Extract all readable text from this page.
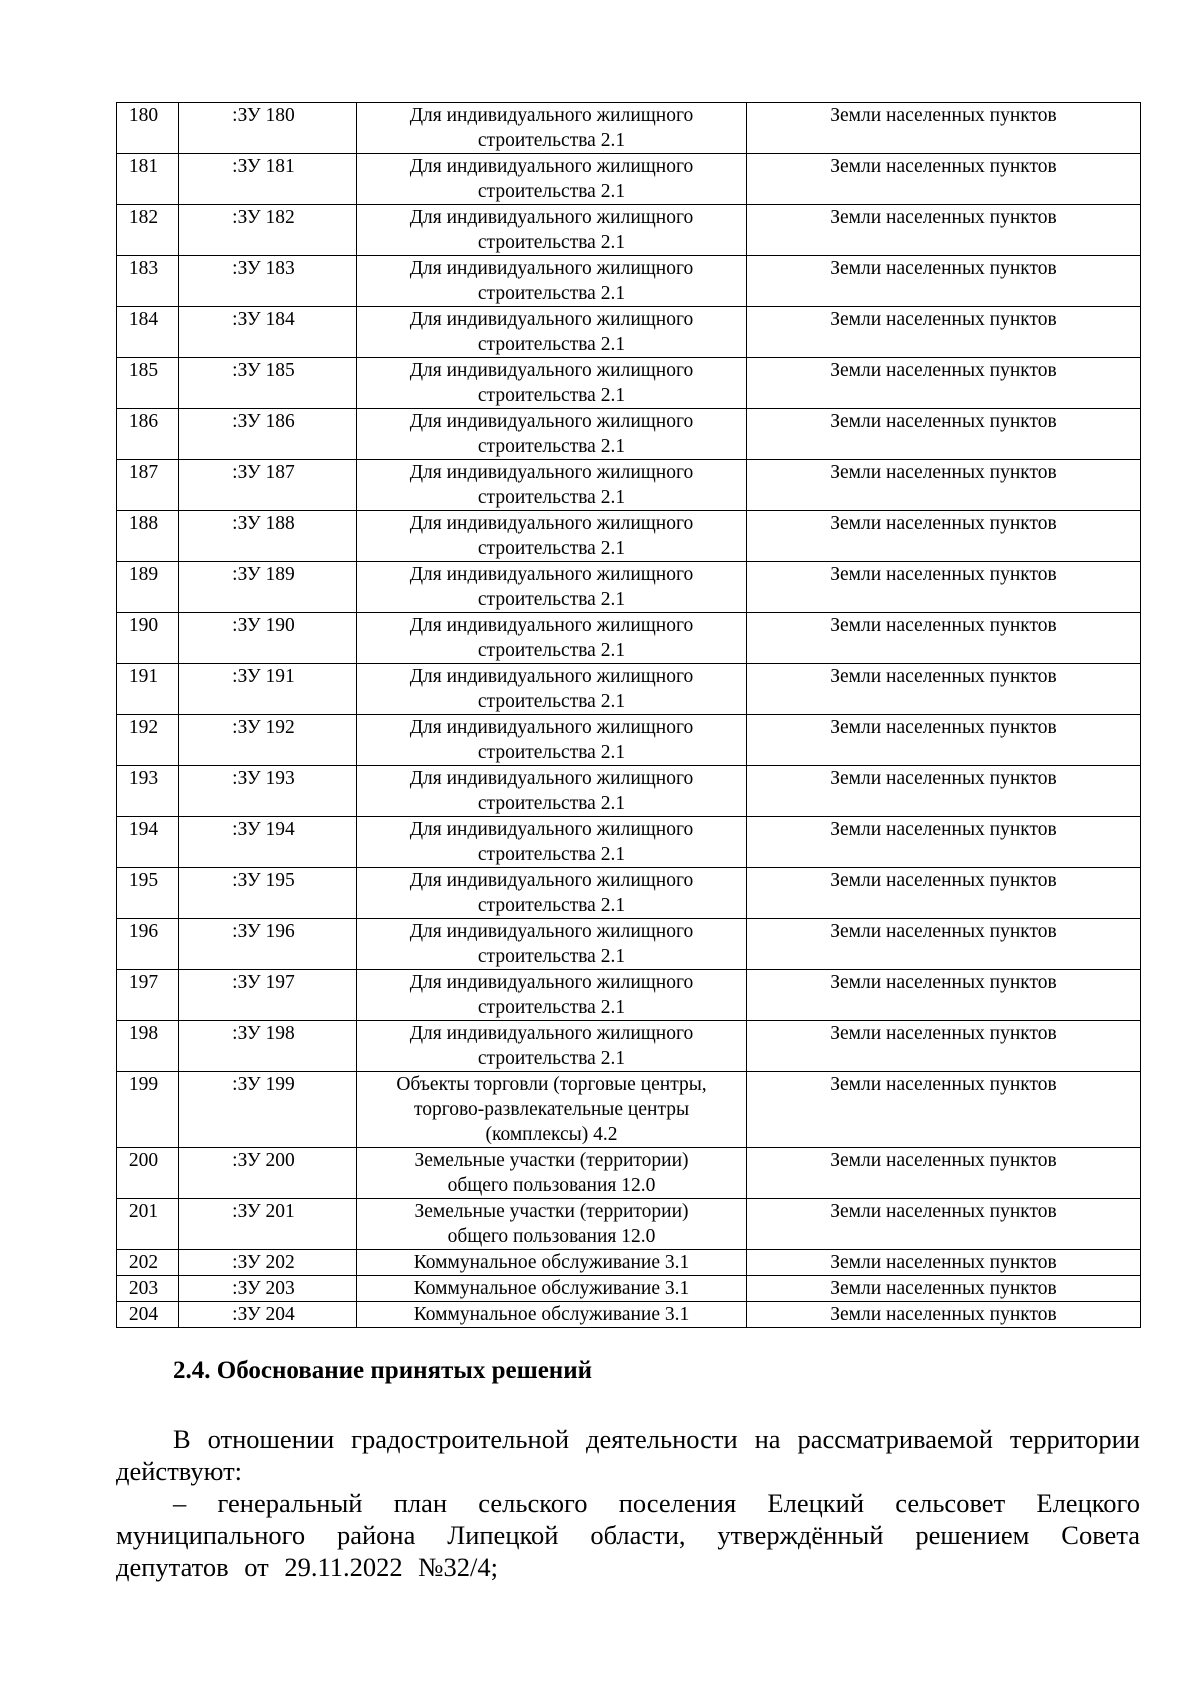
180	:ЗУ 180	Для индивидуального жилищного
строительства 2.1	Земли населенных пунктов
181	:ЗУ 181	Для индивидуального жилищного
строительства 2.1	Земли населенных пунктов
182	:ЗУ 182	Для индивидуального жилищного
строительства 2.1	Земли населенных пунктов
183	:ЗУ 183	Для индивидуального жилищного
строительства 2.1	Земли населенных пунктов
184	:ЗУ 184	Для индивидуального жилищного
строительства 2.1	Земли населенных пунктов
185	:ЗУ 185	Для индивидуального жилищного
строительства 2.1	Земли населенных пунктов
186	:ЗУ 186	Для индивидуального жилищного
строительства 2.1	Земли населенных пунктов
187	:ЗУ 187	Для индивидуального жилищного
строительства 2.1	Земли населенных пунктов
188	:ЗУ 188	Для индивидуального жилищного
строительства 2.1	Земли населенных пунктов
189	:ЗУ 189	Для индивидуального жилищного
строительства 2.1	Земли населенных пунктов
190	:ЗУ 190	Для индивидуального жилищного
строительства 2.1	Земли населенных пунктов
191	:ЗУ 191	Для индивидуального жилищного
строительства 2.1	Земли населенных пунктов
192	:ЗУ 192	Для индивидуального жилищного
строительства 2.1	Земли населенных пунктов
193	:ЗУ 193	Для индивидуального жилищного
строительства 2.1	Земли населенных пунктов
194	:ЗУ 194	Для индивидуального жилищного
строительства 2.1	Земли населенных пунктов
195	:ЗУ 195	Для индивидуального жилищного
строительства 2.1	Земли населенных пунктов
196	:ЗУ 196	Для индивидуального жилищного
строительства 2.1	Земли населенных пунктов
197	:ЗУ 197	Для индивидуального жилищного
строительства 2.1	Земли населенных пунктов
198	:ЗУ 198	Для индивидуального жилищного
строительства 2.1	Земли населенных пунктов
199	:ЗУ 199	Объекты торговли (торговые центры,
торгово-развлекательные центры
(комплексы) 4.2	Земли населенных пунктов
200	:ЗУ 200	Земельные участки (территории)
общего пользования 12.0	Земли населенных пунктов
201	:ЗУ 201	Земельные участки (территории)
общего пользования 12.0	Земли населенных пунктов
202	:ЗУ 202	Коммунальное обслуживание 3.1	Земли населенных пунктов
203	:ЗУ 203	Коммунальное обслуживание 3.1	Земли населенных пунктов
204	:ЗУ 204	Коммунальное обслуживание 3.1	Земли населенных пунктов
2.4. Обоснование принятых решений

В отношении градостроительной деятельности на рассматриваемой территории действуют:

– генеральный план сельского поселения Елецкий сельсовет Елецкого муниципального района Липецкой области, утверждённый решением Совета депутатов от 29.11.2022 №32/4;
